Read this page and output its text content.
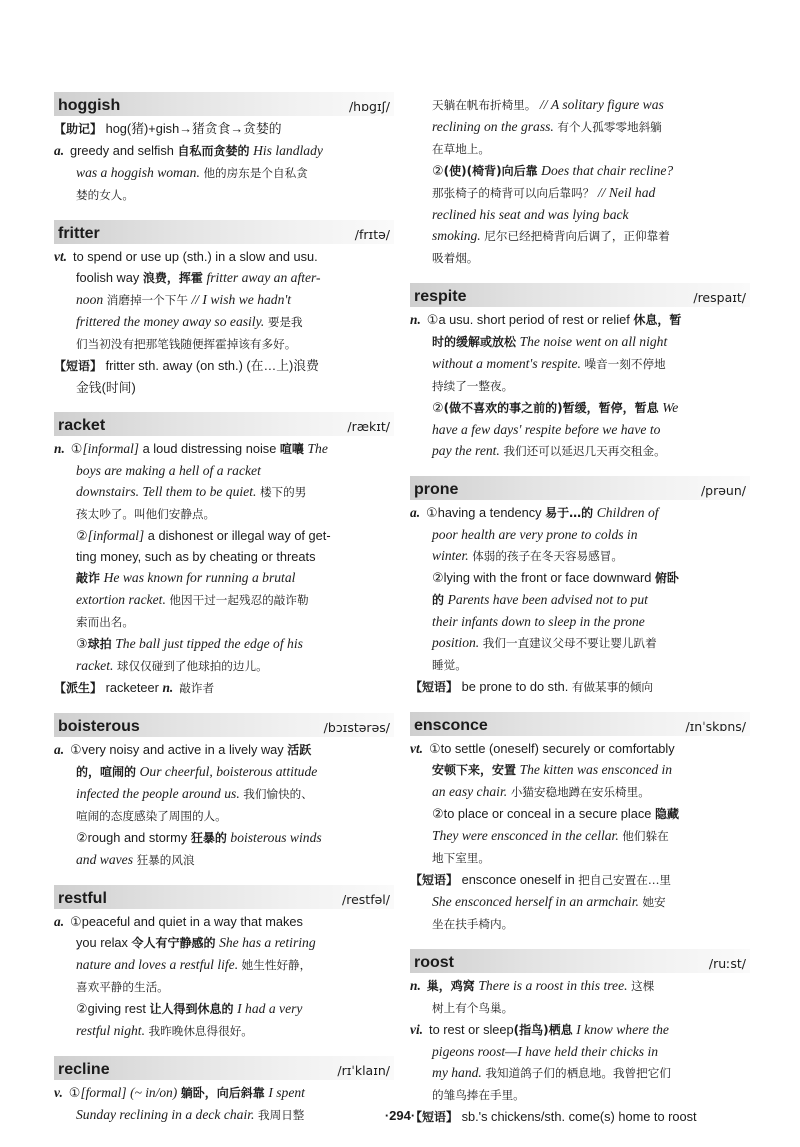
hoggish	/hɒgɪʃ/
【助记】 hog(猪)+gish→猪贪食→贪婪的
a. greedy and selfish 自私而贪婪的 His landlady
was a hoggish woman. 他的房东是个自私贪
婪的女人。
fritter	/frɪtə/
vt. to spend or use up (sth.) in a slow and usu.
foolish way 浪费，挥霍 fritter away an after-
noon 消磨掉一个下午 // I wish we hadn't
frittered the money away so easily. 要是我
们当初没有把那笔钱随便挥霍掉该有多好。
【短语】 fritter sth. away (on sth.) (在…上)浪费
金钱(时间)
racket	/rækɪt/
n. ①[informal] a loud distressing noise 喧嚷 The
boys are making a hell of a racket
downstairs. Tell them to be quiet. 楼下的男
孩太吵了。叫他们安静点。
②[informal] a dishonest or illegal way of get-
ting money, such as by cheating or threats
敲诈 He was known for running a brutal
extortion racket. 他因干过一起残忍的敲诈勒
索而出名。
③球拍 The ball just tipped the edge of his
racket. 球仅仅碰到了他球拍的边儿。
【派生】 racketeer n. 敲诈者
boisterous	/bɔɪstərəs/
a. ①very noisy and active in a lively way 活跃
的，喧闹的 Our cheerful, boisterous attitude
infected the people around us. 我们愉快的、
喧闹的态度感染了周围的人。
②rough and stormy 狂暴的 boisterous winds
and waves 狂暴的风浪
restful	/restfəl/
a. ①peaceful and quiet in a way that makes
you relax 令人有宁静感的 She has a retiring
nature and loves a restful life. 她生性好静，
喜欢平静的生活。
②giving rest 让人得到休息的 I had a very
restful night. 我昨晚休息得很好。
recline	/rɪˈklaɪn/
v. ①[formal] (~ in/on) 躺卧，向后斜靠 I spent
Sunday reclining in a deck chair. 我周日整
天躺在帆布折椅里。 // A solitary figure was
reclining on the grass. 有个人孤零零地斜躺
在草地上。
②(使)(椅背)向后靠 Does that chair recline?
那张椅子的椅背可以向后靠吗？ // Neil had
reclined his seat and was lying back
smoking. 尼尔已经把椅背向后调了，正仰靠着
吸着烟。
respite	/respaɪt/
n. ①a usu. short period of rest or relief 休息，暂
时的缓解或放松 The noise went on all night
without a moment's respite. 噪音一刻不停地
持续了一整夜。
②(做不喜欢的事之前的)暂缓，暂停，暂息 We
have a few days' respite before we have to
pay the rent. 我们还可以延迟几天再交租金。
prone	/prəun/
a. ①having a tendency 易于…的 Children of
poor health are very prone to colds in
winter. 体弱的孩子在冬天容易感冒。
②lying with the front or face downward 俯卧
的 Parents have been advised not to put
their infants down to sleep in the prone
position. 我们一直建议父母不要让婴儿趴着
睡觉。
【短语】 be prone to do sth. 有做某事的倾向
ensconce	/ɪnˈskɒns/
vt. ①to settle (oneself) securely or comfortably
安顿下来，安置 The kitten was ensconced in
an easy chair. 小猫安稳地蹲在安乐椅里。
②to place or conceal in a secure place 隐藏
They were ensconced in the cellar. 他们躲在
地下室里。
【短语】 ensconce oneself in 把自己安置在…里
She ensconced herself in an armchair. 她安
坐在扶手椅内。
roost	/ruːst/
n. 巢，鸡窝 There is a roost in this tree. 这棵
树上有个鸟巢。
vi. to rest or sleep(指鸟)栖息 I know where the
pigeons roost—I have held their chicks in
my hand. 我知道鸽子们的栖息地。我曾把它们
的雏鸟捧在手里。
【短语】 sb.'s chickens/sth. come(s) home to roost
·294·
